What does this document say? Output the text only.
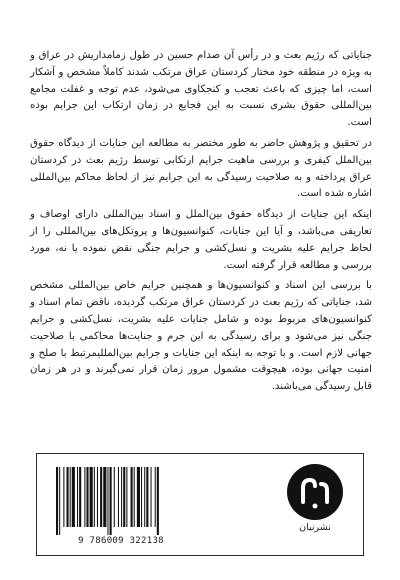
جنایاتی که رژیم بعث و در رأس آن صدام حسین در طول زمامداریش در عراق و به ویژه در منطقه خود مختار کردستان عراق مرتکب شدند کاملاً مشخص و آشکار است، اما چیزی که باعث تعجب و کنجکاوی می‌شود، عدم توجه و غفلت مجامع بین‌المللی حقوق بشری نسبت به این فجایع در زمان ارتکاب این جرایم بوده است.

در تحقیق و پژوهش حاضر به طور مختصر به مطالعه این جنایات از دیدگاه حقوق بین‌الملل کیفری و بررسی ماهیت جرایم ارتکابی توسط رژیم بعث در کردستان عراق پرداخته و به صلاحیت رسیدگی به این جرایم نیز از لحاظ محاکم بین‌المللی اشاره شده است.

اینکه این جنایات از دیدگاه حقوق بین‌الملل و اسناد بین‌المللی دارای اوصاف و تعاریفی می‌باشد، و آیا این جنایات، کنوانسیون‌ها و پروتکل‌های بین‌المللی را از لحاظ جرایم علیه بشریت و نسل‌کشی و جرایم جنگی نقض نموده یا نه، مورد بررسی و مطالعه قرار گرفته است.

با بررسی این اسناد و کنوانسیون‌ها و همچنین جرایم خاص بین‌المللی مشخص شد، جنایاتی که رژیم بعث در کردستان عراق مرتکب گردیده، ناقض تمام اسناد و کنوانسیون‌های مربوط بوده و شامل جنایات علیه بشریت، نسل‌کشی و جرایم جنگی نیز می‌شود و برای رسیدگی به این جرم و جنایت‌ها محاکمی با صلاحیت جهانی لازم است. و با توجه به اینکه این جنایات و جرایم بین‌المللیمرتبط با صلح و امنیت جهانی بوده، هیچوقت مشمول مرور زمان قرار نمی‌گیرند و در هر زمان قابل رسیدگی می‌باشند.

9 786009 322138
نشرنیان
